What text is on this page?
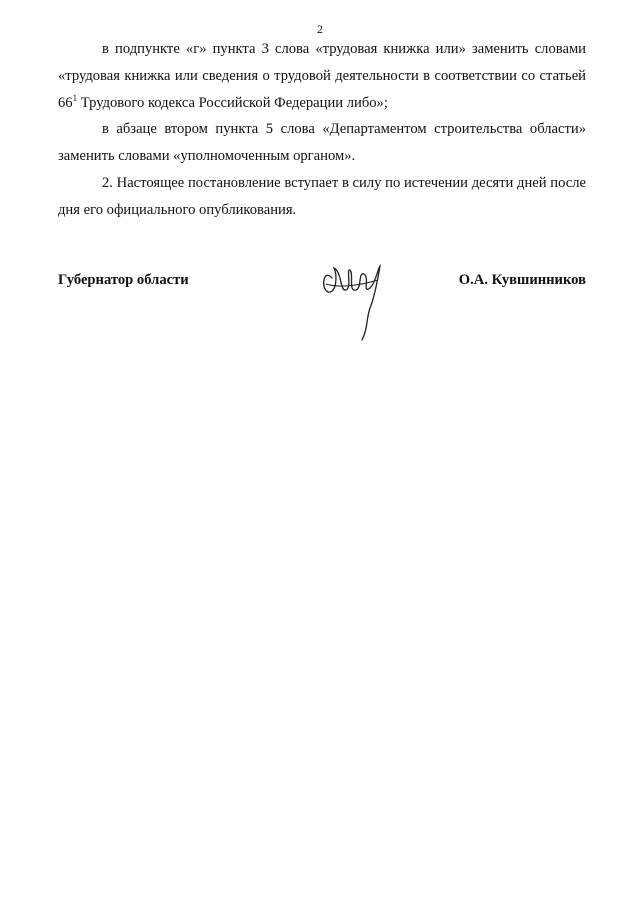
2

в подпункте «г» пункта 3 слова «трудовая книжка или» заменить словами «трудовая книжка или сведения о трудовой деятельности в соответствии со статьей $66^1$ Трудового кодекса Российской Федерации либо»;

в абзаце втором пункта 5 слова «Департаментом строительства области» заменить словами «уполномоченным органом».

2. Настоящее постановление вступает в силу по истечении десяти дней после дня его официального опубликования.

Губернатор области	О.А. Кувшинников
